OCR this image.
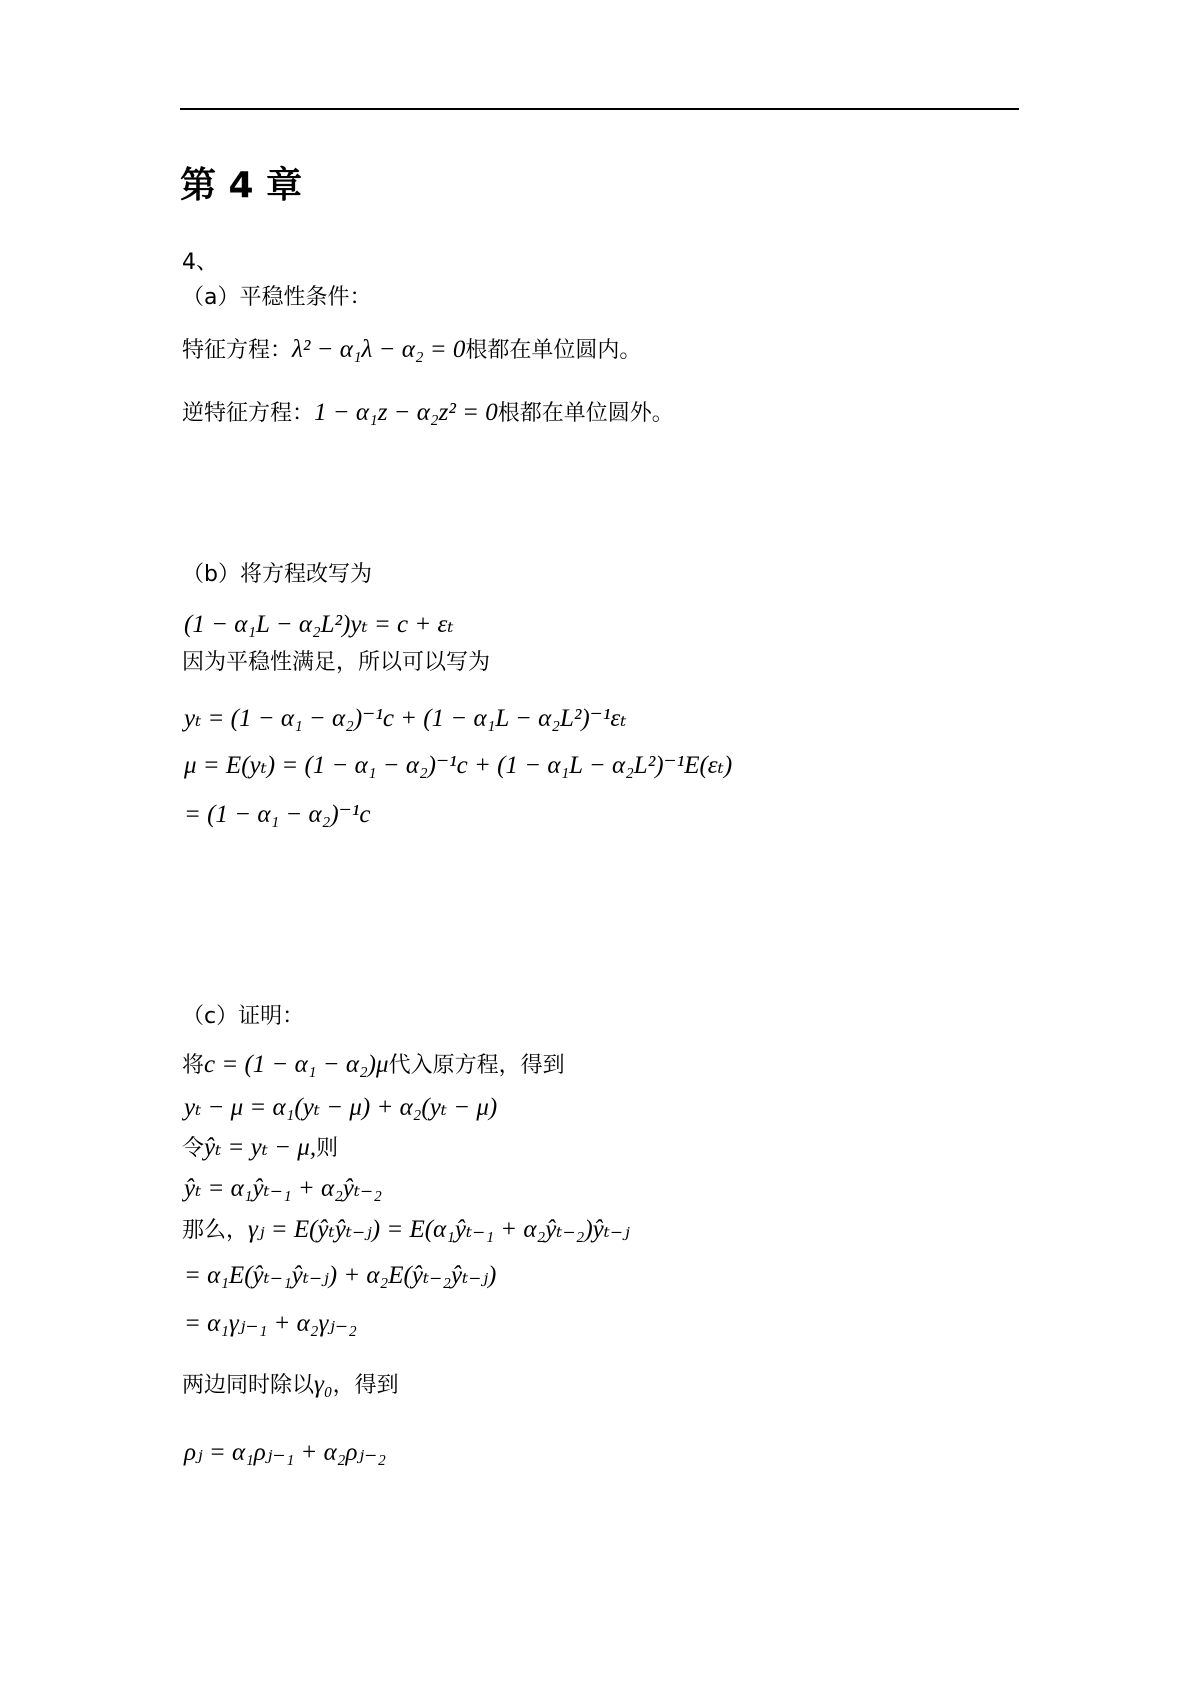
第 4 章
4、
（a）平稳性条件：
特征方程：λ² − α₁λ − α₂ = 0根都在单位圆内。
逆特征方程：1 − α₁z − α₂z² = 0根都在单位圆外。
（b）将方程改写为
(1 − α₁L − α₂L²)yₜ = c + εₜ
因为平稳性满足，所以可以写为
yₜ = (1 − α₁ − α₂)⁻¹c + (1 − α₁L − α₂L²)⁻¹εₜ
μ = E(yₜ) = (1 − α₁ − α₂)⁻¹c + (1 − α₁L − α₂L²)⁻¹E(εₜ)
= (1 − α₁ − α₂)⁻¹c
（c）证明：
将c = (1 − α₁ − α₂)μ代入原方程，得到
yₜ − μ = α₁(yₜ − μ) + α₂(yₜ − μ)
令ŷₜ = yₜ − μ,则
ŷₜ = α₁ŷₜ₋₁ + α₂ŷₜ₋₂
那么，γⱼ = E(ŷₜŷₜ₋ⱼ) = E(α₁ŷₜ₋₁ + α₂ŷₜ₋₂)ŷₜ₋ⱼ
= α₁E(ŷₜ₋₁ŷₜ₋ⱼ) + α₂E(ŷₜ₋₂ŷₜ₋ⱼ)
= α₁γⱼ₋₁ + α₂γⱼ₋₂
两边同时除以γ₀，得到
ρⱼ = α₁ρⱼ₋₁ + α₂ρⱼ₋₂
